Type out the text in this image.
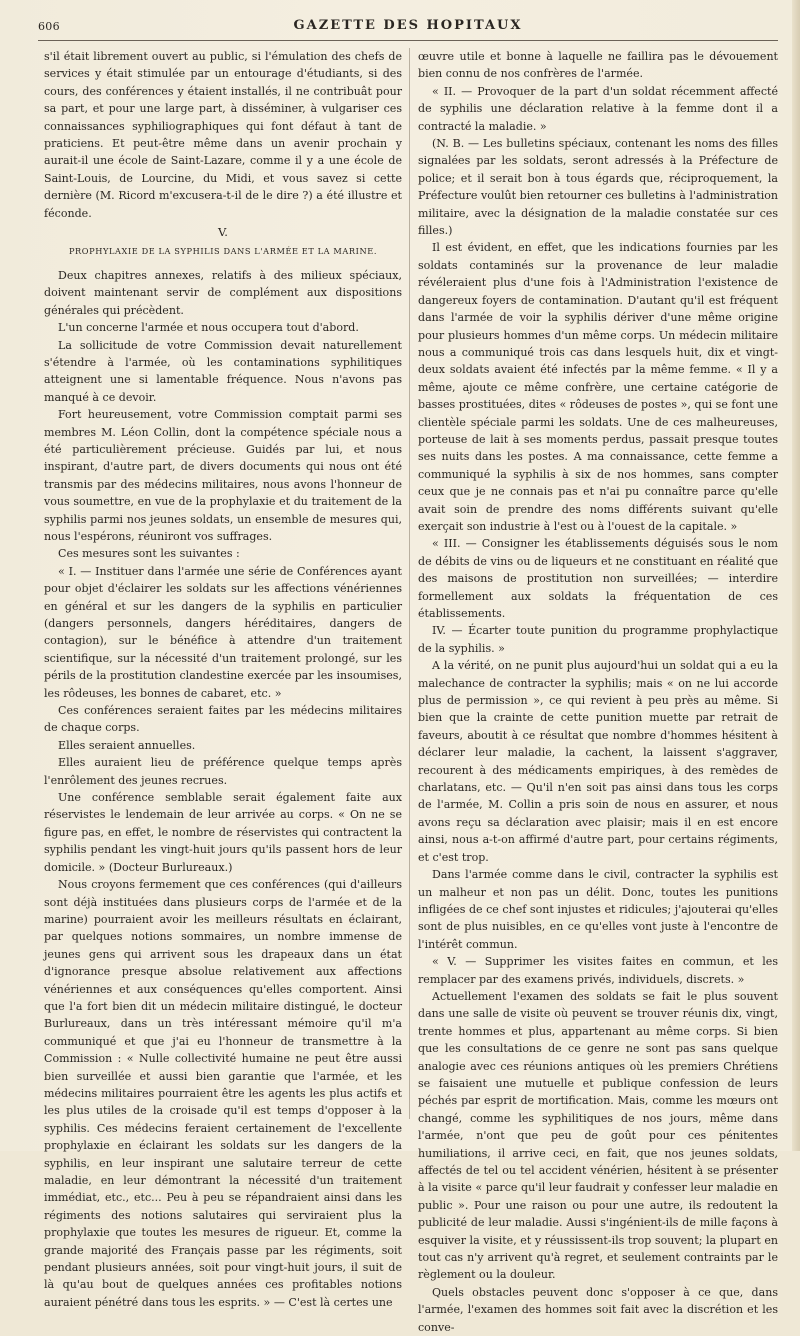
606	GAZETTE DES HOPITAUX

s'il était librement ouvert au public, si l'émulation des chefs de services y était stimulée par un entourage d'étudiants, si des cours, des conférences y étaient installés, il ne contribuât pour sa part, et pour une large part, à disséminer, à vulgariser ces connaissances syphiliographiques qui font défaut à tant de praticiens. Et peut-être même dans un avenir prochain y aurait-il une école de Saint-Lazare, comme il y a une école de Saint-Louis, de Lourcine, du Midi, et vous savez si cette dernière (M. Ricord m'excusera-t-il de le dire ?) a été illustre et féconde.

V.

PROPHYLAXIE DE LA SYPHILIS DANS L'ARMÉE ET LA MARINE.

Deux chapitres annexes, relatifs à des milieux spéciaux, doivent maintenant servir de complément aux dispositions générales qui précèdent.

L'un concerne l'armée et nous occupera tout d'abord.

La sollicitude de votre Commission devait naturellement s'étendre à l'armée, où les contaminations syphilitiques atteignent une si lamentable fréquence. Nous n'avons pas manqué à ce devoir.

Fort heureusement, votre Commission comptait parmi ses membres M. Léon Collin, dont la compétence spéciale nous a été particulièrement précieuse. Guidés par lui, et nous inspirant, d'autre part, de divers documents qui nous ont été transmis par des médecins militaires, nous avons l'honneur de vous soumettre, en vue de la prophylaxie et du traitement de la syphilis parmi nos jeunes soldats, un ensemble de mesures qui, nous l'espérons, réuniront vos suffrages.

Ces mesures sont les suivantes :

« I. — Instituer dans l'armée une série de Conférences ayant pour objet d'éclairer les soldats sur les affections vénériennes en général et sur les dangers de la syphilis en particulier (dangers personnels, dangers héréditaires, dangers de contagion), sur le bénéfice à attendre d'un traitement scientifique, sur la nécessité d'un traitement prolongé, sur les périls de la prostitution clandestine exercée par les insoumises, les rôdeuses, les bonnes de cabaret, etc. »

Ces conférences seraient faites par les médecins militaires de chaque corps.

Elles seraient annuelles.

Elles auraient lieu de préférence quelque temps après l'enrôlement des jeunes recrues.

Une conférence semblable serait également faite aux réservistes le lendemain de leur arrivée au corps. « On ne se figure pas, en effet, le nombre de réservistes qui contractent la syphilis pendant les vingt-huit jours qu'ils passent hors de leur domicile. » (Docteur Burlureaux.)

Nous croyons fermement que ces conférences (qui d'ailleurs sont déjà instituées dans plusieurs corps de l'armée et de la marine) pourraient avoir les meilleurs résultats en éclairant, par quelques notions sommaires, un nombre immense de jeunes gens qui arrivent sous les drapeaux dans un état d'ignorance presque absolue relativement aux affections vénériennes et aux conséquences qu'elles comportent. Ainsi que l'a fort bien dit un médecin militaire distingué, le docteur Burlureaux, dans un très intéressant mémoire qu'il m'a communiqué et que j'ai eu l'honneur de transmettre à la Commission : « Nulle collectivité humaine ne peut être aussi bien surveillée et aussi bien garantie que l'armée, et les médecins militaires pourraient être les agents les plus actifs et les plus utiles de la croisade qu'il est temps d'opposer à la syphilis. Ces médecins feraient certainement de l'excellente prophylaxie en éclairant les soldats sur les dangers de la syphilis, en leur inspirant une salutaire terreur de cette maladie, en leur démontrant la nécessité d'un traitement immédiat, etc., etc... Peu à peu se répandraient ainsi dans les régiments des notions salutaires qui serviraient plus la prophylaxie que toutes les mesures de rigueur. Et, comme la grande majorité des Français passe par les régiments, soit pendant plusieurs années, soit pour vingt-huit jours, il suit de là qu'au bout de quelques années ces profitables notions auraient pénétré dans tous les esprits. » — C'est là certes une

œuvre utile et bonne à laquelle ne faillira pas le dévouement bien connu de nos confrères de l'armée.

« II. — Provoquer de la part d'un soldat récemment affecté de syphilis une déclaration relative à la femme dont il a contracté la maladie. »

(N. B. — Les bulletins spéciaux, contenant les noms des filles signalées par les soldats, seront adressés à la Préfecture de police; et il serait bon à tous égards que, réciproquement, la Préfecture voulût bien retourner ces bulletins à l'administration militaire, avec la désignation de la maladie constatée sur ces filles.)

Il est évident, en effet, que les indications fournies par les soldats contaminés sur la provenance de leur maladie révéleraient plus d'une fois à l'Administration l'existence de dangereux foyers de contamination. D'autant qu'il est fréquent dans l'armée de voir la syphilis dériver d'une même origine pour plusieurs hommes d'un même corps. Un médecin militaire nous a communiqué trois cas dans lesquels huit, dix et vingt-deux soldats avaient été infectés par la même femme. « Il y a même, ajoute ce même confrère, une certaine catégorie de basses prostituées, dites « rôdeuses de postes », qui se font une clientèle spéciale parmi les soldats. Une de ces malheureuses, porteuse de lait à ses moments perdus, passait presque toutes ses nuits dans les postes. A ma connaissance, cette femme a communiqué la syphilis à six de nos hommes, sans compter ceux que je ne connais pas et n'ai pu connaître parce qu'elle avait soin de prendre des noms différents suivant qu'elle exerçait son industrie à l'est ou à l'ouest de la capitale. »

« III. — Consigner les établissements déguisés sous le nom de débits de vins ou de liqueurs et ne constituant en réalité que des maisons de prostitution non surveillées; — interdire formellement aux soldats la fréquentation de ces établissements.

IV. — Écarter toute punition du programme prophylactique de la syphilis. »

A la vérité, on ne punit plus aujourd'hui un soldat qui a eu la malechance de contracter la syphilis; mais « on ne lui accorde plus de permission », ce qui revient à peu près au même. Si bien que la crainte de cette punition muette par retrait de faveurs, aboutit à ce résultat que nombre d'hommes hésitent à déclarer leur maladie, la cachent, la laissent s'aggraver, recourent à des médicaments empiriques, à des remèdes de charlatans, etc. — Qu'il n'en soit pas ainsi dans tous les corps de l'armée, M. Collin a pris soin de nous en assurer, et nous avons reçu sa déclaration avec plaisir; mais il en est encore ainsi, nous a-t-on affirmé d'autre part, pour certains régiments, et c'est trop.

Dans l'armée comme dans le civil, contracter la syphilis est un malheur et non pas un délit. Donc, toutes les punitions infligées de ce chef sont injustes et ridicules; j'ajouterai qu'elles sont de plus nuisibles, en ce qu'elles vont juste à l'encontre de l'intérêt commun.

« V. — Supprimer les visites faites en commun, et les remplacer par des examens privés, individuels, discrets. »

Actuellement l'examen des soldats se fait le plus souvent dans une salle de visite où peuvent se trouver réunis dix, vingt, trente hommes et plus, appartenant au même corps. Si bien que les consultations de ce genre ne sont pas sans quelque analogie avec ces réunions antiques où les premiers Chrétiens se faisaient une mutuelle et publique confession de leurs péchés par esprit de mortification. Mais, comme les mœurs ont changé, comme les syphilitiques de nos jours, même dans l'armée, n'ont que peu de goût pour ces pénitentes humiliations, il arrive ceci, en fait, que nos jeunes soldats, affectés de tel ou tel accident vénérien, hésitent à se présenter à la visite « parce qu'il leur faudrait y confesser leur maladie en public ». Pour une raison ou pour une autre, ils redoutent la publicité de leur maladie. Aussi s'ingénient-ils de mille façons à esquiver la visite, et y réussissent-ils trop souvent; la plupart en tout cas n'y arrivent qu'à regret, et seulement contraints par le règlement ou la douleur.

Quels obstacles peuvent donc s'opposer à ce que, dans l'armée, l'examen des hommes soit fait avec la discrétion et les conve-
